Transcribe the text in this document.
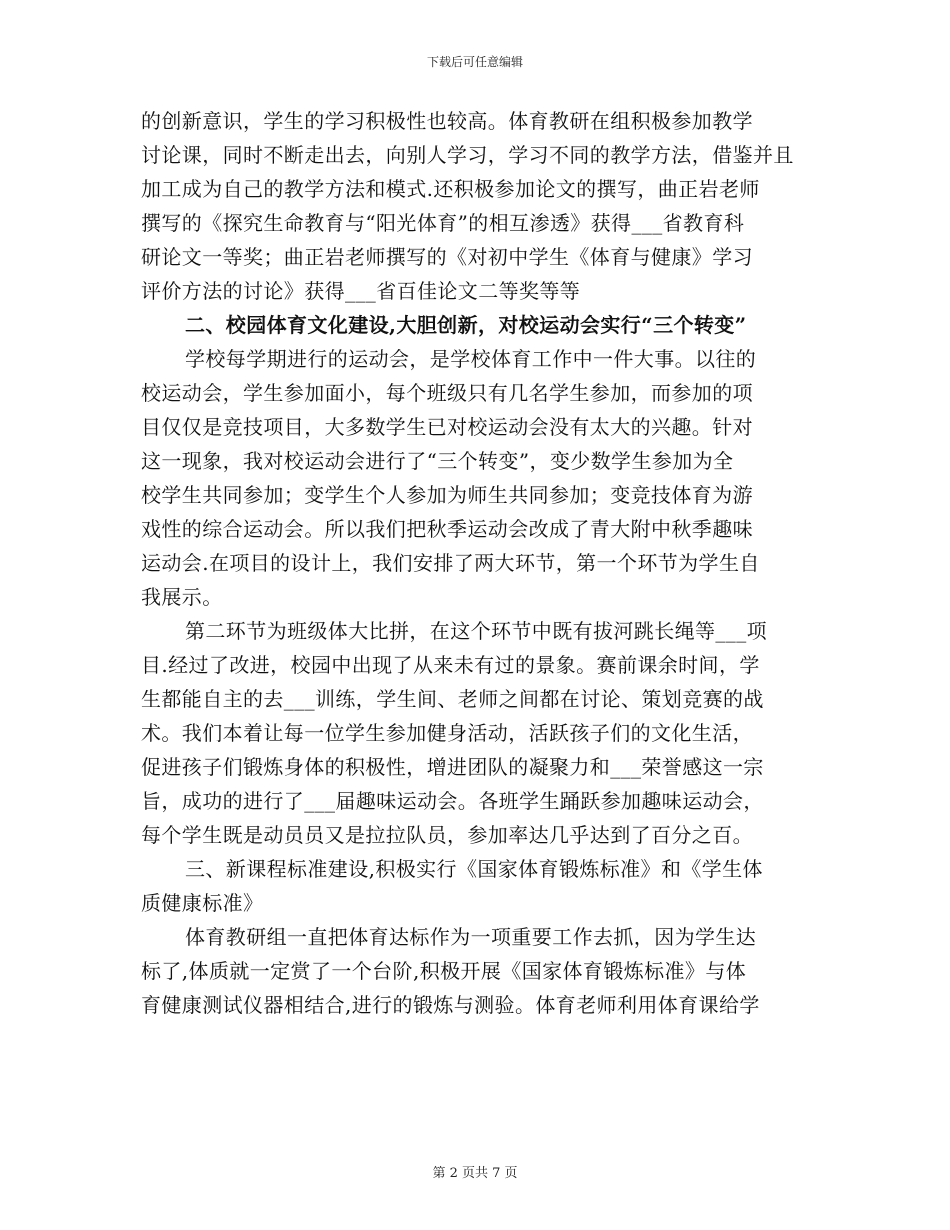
下载后可任意编辑
的创新意识，学生的学习积极性也较高。体育教研在组积极参加教学
讨论课，同时不断走出去，向别人学习，学习不同的教学方法，借鉴并且
加工成为自己的教学方法和模式.还积极参加论文的撰写，曲正岩老师
撰写的《探究生命教育与“阳光体育”的相互渗透》获得___省教育科
研论文一等奖；曲正岩老师撰写的《对初中学生《体育与健康》学习
评价方法的讨论》获得___省百佳论文二等奖等等
二、校园体育文化建设,大胆创新，对校运动会实行“三个转变”
学校每学期进行的运动会，是学校体育工作中一件大事。以往的
校运动会，学生参加面小，每个班级只有几名学生参加，而参加的项
目仅仅是竞技项目，大多数学生已对校运动会没有太大的兴趣。针对
这一现象，我对校运动会进行了“三个转变”，变少数学生参加为全
校学生共同参加；变学生个人参加为师生共同参加；变竞技体育为游
戏性的综合运动会。所以我们把秋季运动会改成了青大附中秋季趣味
运动会.在项目的设计上，我们安排了两大环节，第一个环节为学生自
我展示。
第二环节为班级体大比拼，在这个环节中既有拔河跳长绳等___项
目.经过了改进，校园中出现了从来未有过的景象。赛前课余时间，学
生都能自主的去___训练，学生间、老师之间都在讨论、策划竞赛的战
术。我们本着让每一位学生参加健身活动，活跃孩子们的文化生活，
促进孩子们锻炼身体的积极性，增进团队的凝聚力和___荣誉感这一宗
旨，成功的进行了___届趣味运动会。各班学生踊跃参加趣味运动会，
每个学生既是动员员又是拉拉队员，参加率达几乎达到了百分之百。
三、新课程标准建设,积极实行《国家体育锻炼标准》和《学生体
质健康标准》
体育教研组一直把体育达标作为一项重要工作去抓，因为学生达
标了,体质就一定赏了一个台阶,积极开展《国家体育锻炼标准》与体
育健康测试仪器相结合,进行的锻炼与测验。体育老师利用体育课给学
第 2 页共 7 页
